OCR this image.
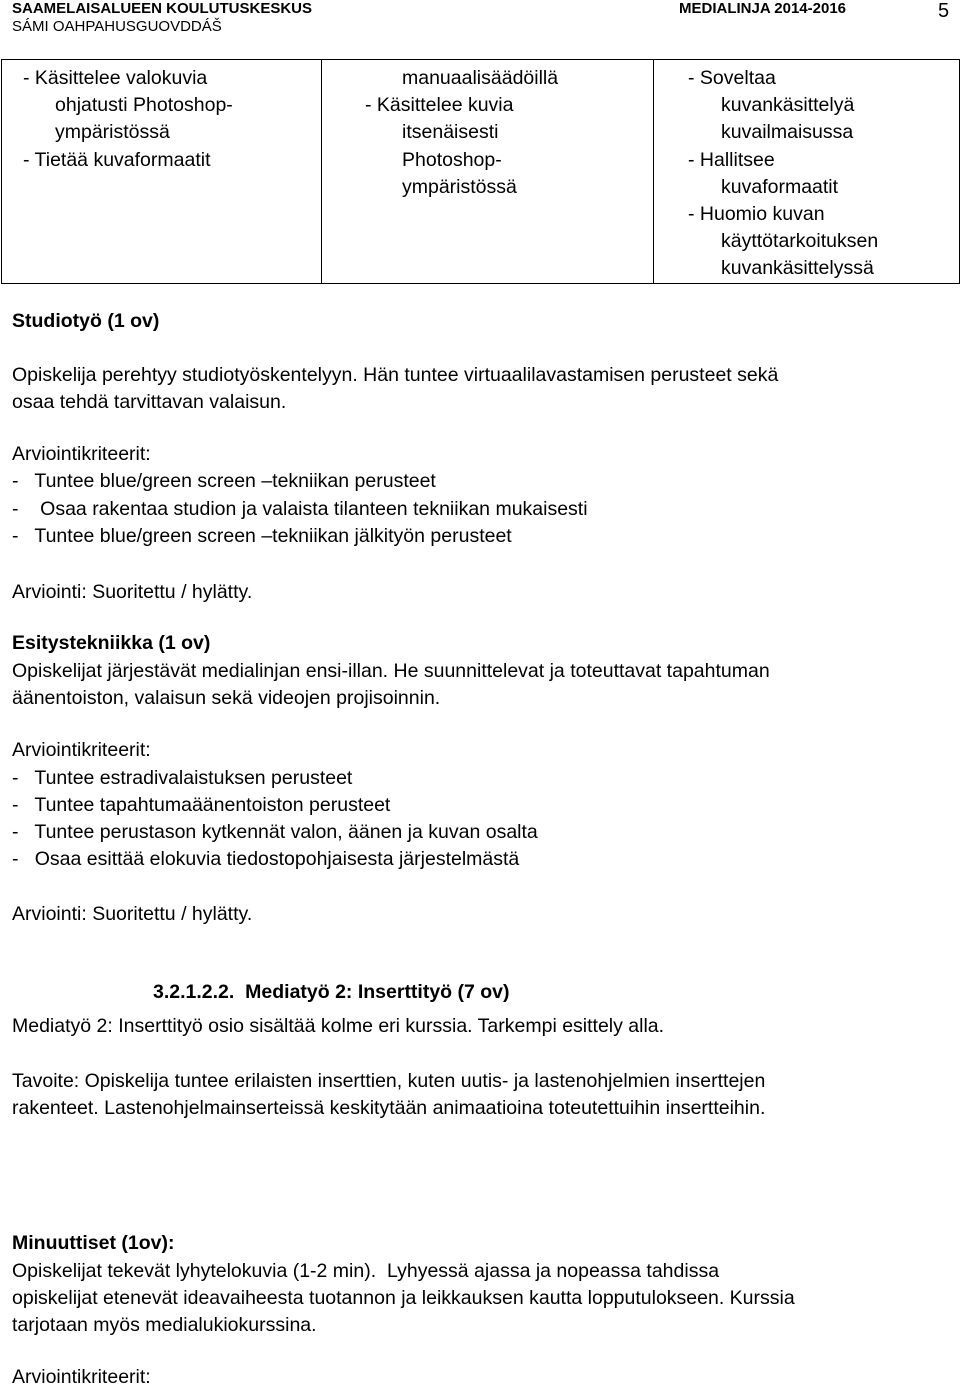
SAAMELAISALUEEN KOULUTUSKESKUS
SÁMI OAHPAHUSGUOVDDÁŠ
MEDIALINJA 2014-2016	5
- Käsittelee valokuvia
ohjatusti Photoshop-
ympäristössä
- Tietää kuvaformaatit

manuaalisäädöillä
- Käsittelee kuvia
itsenäisesti
Photoshop-
ympäristössä

- Soveltaa
kuvankäsittelyä
kuvailmaisussa
- Hallitsee
kuvaformaatit
- Huomio kuvan
käyttötarkoituksen
kuvankäsittelyssä
Studiotyö (1 ov)
Opiskelija perehtyy studiotyöskentelyyn. Hän tuntee virtuaalilavastamisen perusteet sekä
osaa tehdä tarvittavan valaisun.
Arviointikriteerit:
-   Tuntee blue/green screen –tekniikan perusteet
-    Osaa rakentaa studion ja valaista tilanteen tekniikan mukaisesti
-   Tuntee blue/green screen –tekniikan jälkityön perusteet
Arviointi: Suoritettu / hylätty.
Esitystekniikka (1 ov)
Opiskelijat järjestävät medialinjan ensi-illan. He suunnittelevat ja toteuttavat tapahtuman
äänentoiston, valaisun sekä videojen projisoinnin.
Arviointikriteerit:
-   Tuntee estradivalaistuksen perusteet
-   Tuntee tapahtumaäänentoiston perusteet
-   Tuntee perustason kytkennät valon, äänen ja kuvan osalta
-   Osaa esittää elokuvia tiedostopohjaisesta järjestelmästä
Arviointi: Suoritettu / hylätty.
3.2.1.2.2.  Mediatyö 2: Inserttityö (7 ov)
Mediatyö 2: Inserttityö osio sisältää kolme eri kurssia. Tarkempi esittely alla.
Tavoite: Opiskelija tuntee erilaisten inserttien, kuten uutis- ja lastenohjelmien inserttejen
rakenteet. Lastenohjelmainserteissä keskitytään animaatioina toteutettuihin insertteihin.
Minuuttiset (1ov):
Opiskelijat tekevät lyhytelokuvia (1-2 min).  Lyhyessä ajassa ja nopeassa tahdissa
opiskelijat etenevät ideavaiheesta tuotannon ja leikkauksen kautta lopputulokseen. Kurssia
tarjotaan myös medialukiokurssina.
Arviointikriteerit:
